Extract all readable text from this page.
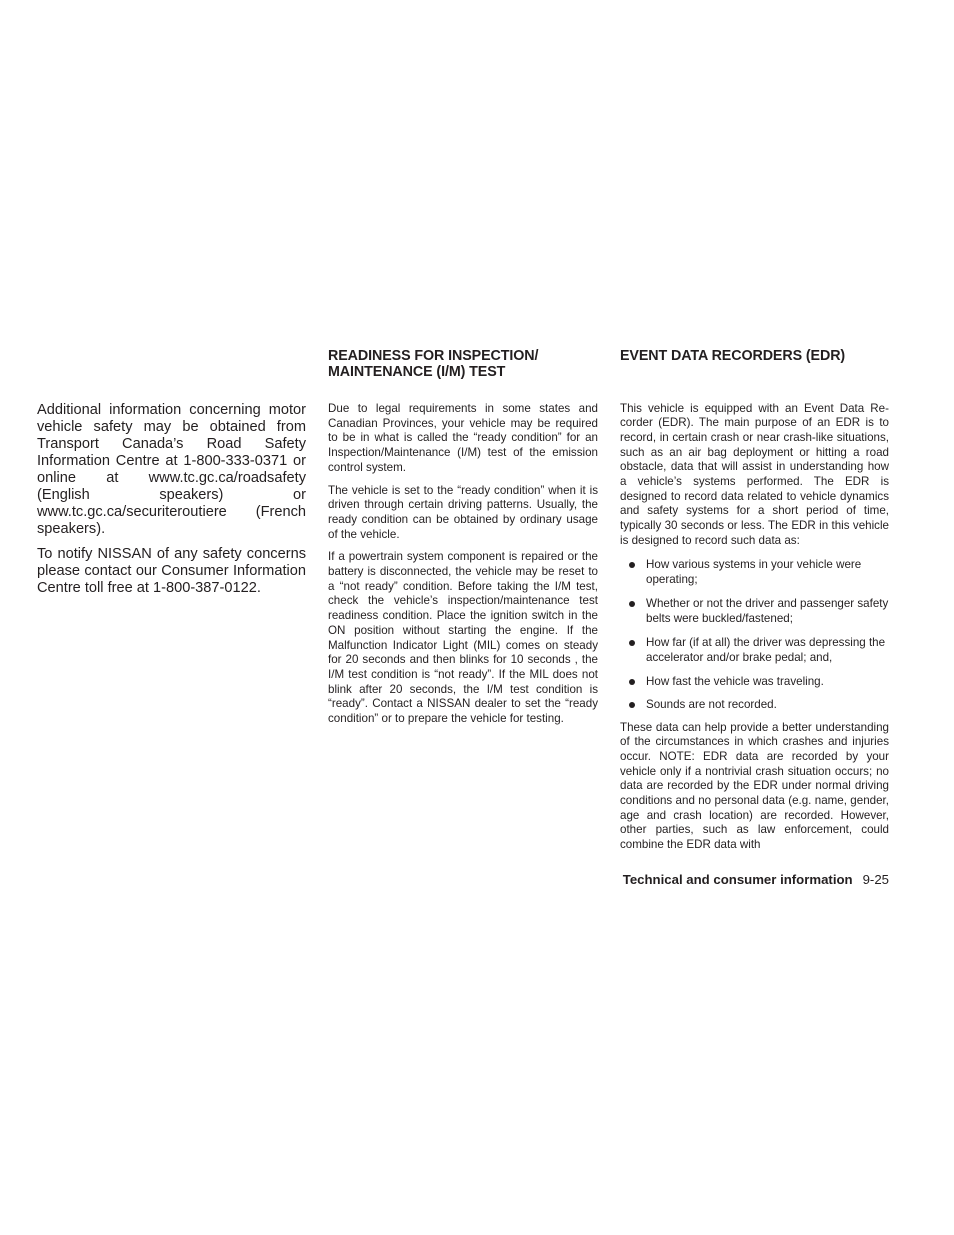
Additional information concerning motor vehicle safety may be obtained from Transport Canada’s Road Safety Information Centre at 1-800-333-0371 or online at www.tc.gc.ca/roadsafety (English speakers) or www.tc.gc.ca/securiteroutiere (French speakers).

To notify NISSAN of any safety concerns please contact our Consumer Information Centre toll free at 1-800-387-0122.

READINESS FOR INSPECTION/ MAINTENANCE (I/M) TEST

Due to legal requirements in some states and Canadian Provinces, your vehicle may be required to be in what is called the “ready condition” for an Inspection/Maintenance (I/M) test of the emission control system.

The vehicle is set to the “ready condition” when it is driven through certain driving patterns. Usually, the ready condition can be obtained by ordinary usage of the vehicle.

If a powertrain system component is repaired or the battery is disconnected, the vehicle may be reset to a “not ready” condition. Before taking the I/M test, check the vehicle’s inspection/maintenance test readiness condition. Place the ignition switch in the ON position without starting the engine. If the Malfunction Indicator Light (MIL) comes on steady for 20 seconds and then blinks for 10 seconds , the I/M test condition is “not ready”. If the MIL does not blink after 20 seconds, the I/M test condition is “ready”. Contact a NISSAN dealer to set the “ready condition” or to prepare the vehicle for testing.

EVENT DATA RECORDERS (EDR)

This vehicle is equipped with an Event Data Recorder (EDR). The main purpose of an EDR is to record, in certain crash or near crash-like situations, such as an air bag deployment or hitting a road obstacle, data that will assist in understanding how a vehicle’s systems performed. The EDR is designed to record data related to vehicle dynamics and safety systems for a short period of time, typically 30 seconds or less. The EDR in this vehicle is designed to record such data as:

How various systems in your vehicle were operating;
Whether or not the driver and passenger safety belts were buckled/fastened;
How far (if at all) the driver was depressing the accelerator and/or brake pedal; and,
How fast the vehicle was traveling.
Sounds are not recorded.

These data can help provide a better understanding of the circumstances in which crashes and injuries occur. NOTE: EDR data are recorded by your vehicle only if a nontrivial crash situation occurs; no data are recorded by the EDR under normal driving conditions and no personal data (e.g. name, gender, age and crash location) are recorded. However, other parties, such as law enforcement, could combine the EDR data with

Technical and consumer information 9-25
